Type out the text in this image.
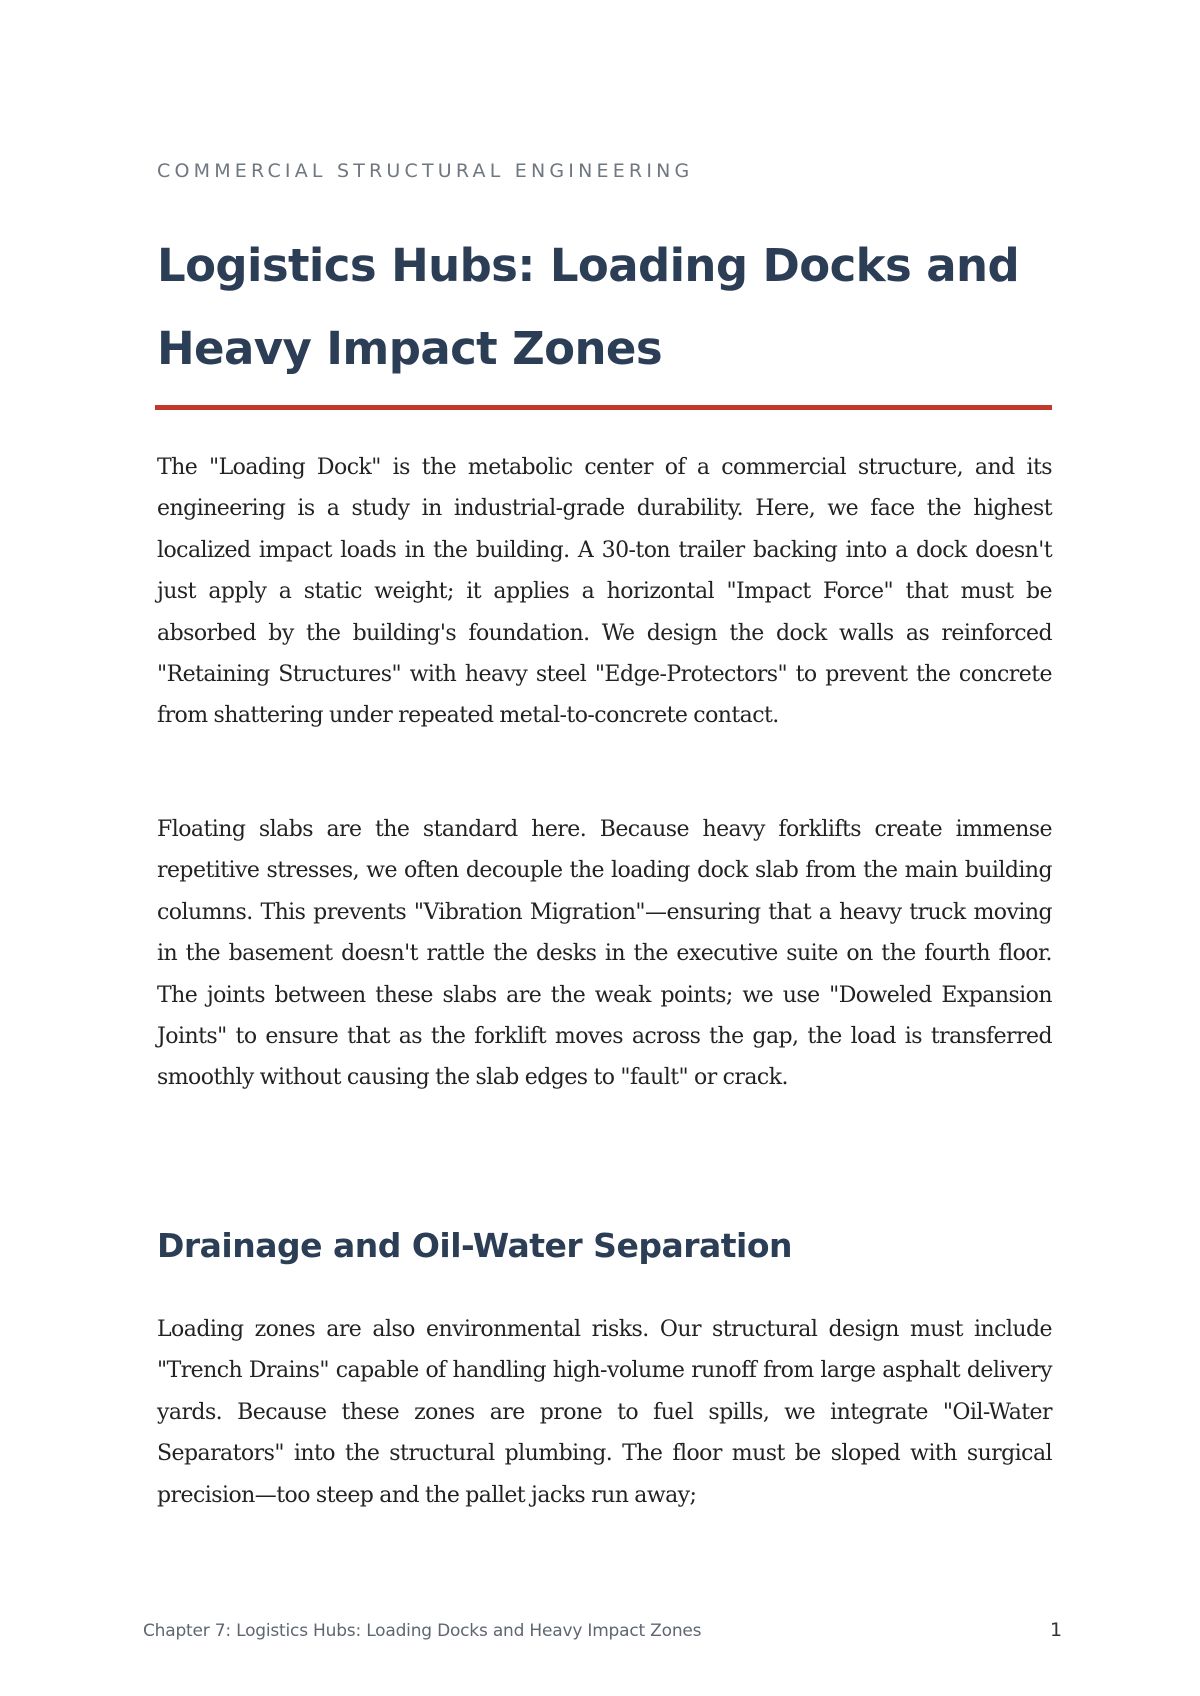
COMMERCIAL STRUCTURAL ENGINEERING
Logistics Hubs: Loading Docks and Heavy Impact Zones

The "Loading Dock" is the metabolic center of a commercial structure, and its engineering is a study in industrial-grade durability. Here, we face the highest localized impact loads in the building. A 30-ton trailer backing into a dock doesn't just apply a static weight; it applies a horizontal "Impact Force" that must be absorbed by the building's foundation. We design the dock walls as reinforced "Retaining Structures" with heavy steel "Edge-Protectors" to prevent the concrete from shattering under repeated metal-to-concrete contact.

Floating slabs are the standard here. Because heavy forklifts create immense repetitive stresses, we often decouple the loading dock slab from the main building columns. This prevents "Vibration Migration"—ensuring that a heavy truck moving in the basement doesn't rattle the desks in the executive suite on the fourth floor. The joints between these slabs are the weak points; we use "Doweled Expansion Joints" to ensure that as the forklift moves across the gap, the load is transferred smoothly without causing the slab edges to "fault" or crack.

Drainage and Oil-Water Separation

Loading zones are also environmental risks. Our structural design must include "Trench Drains" capable of handling high-volume runoff from large asphalt delivery yards. Because these zones are prone to fuel spills, we integrate "Oil-Water Separators" into the structural plumbing. The floor must be sloped with surgical precision—too steep and the pallet jacks run away;

Chapter 7: Logistics Hubs: Loading Docks and Heavy Impact Zones	1
